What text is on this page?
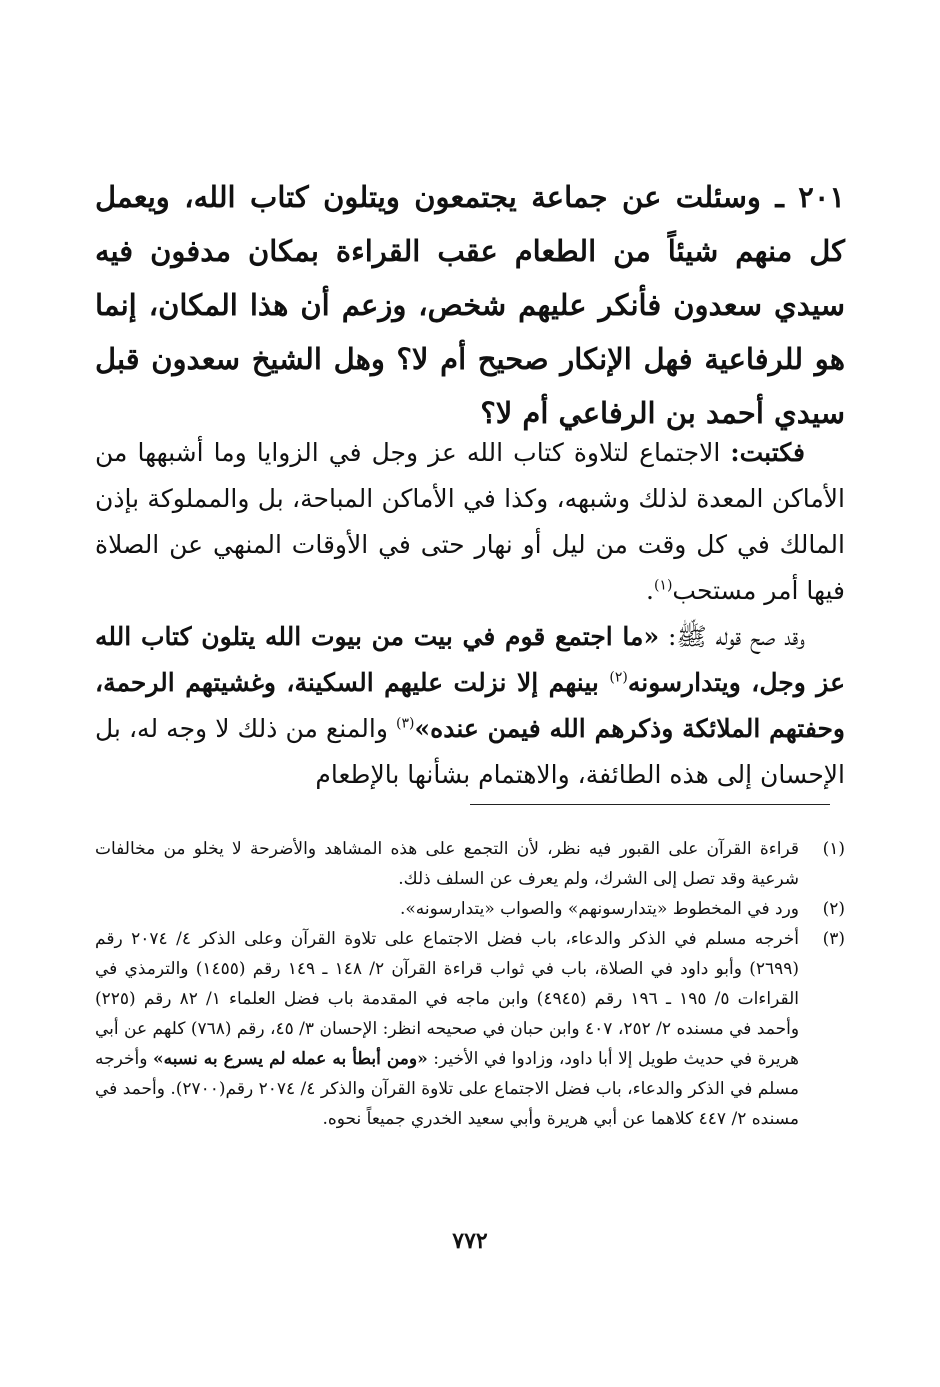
٢٠١ ـ وسئلت عن جماعة يجتمعون ويتلون كتاب الله، ويعمل كل منهم شيئاً من الطعام عقب القراءة بمكان مدفون فيه سيدي سعدون فأنكر عليهم شخص، وزعم أن هذا المكان، إنما هو للرفاعية فهل الإنكار صحيح أم لا؟ وهل الشيخ سعدون قبل سيدي أحمد بن الرفاعي أم لا؟

فكتبت: الاجتماع لتلاوة كتاب الله عز وجل في الزوايا وما أشبهها من الأماكن المعدة لذلك وشبهه، وكذا في الأماكن المباحة، بل والمملوكة بإذن المالك في كل وقت من ليل أو نهار حتى في الأوقات المنهي عن الصلاة فيها أمر مستحب$^{(١)}$.

وقد صح قوله ﷺ: «ما اجتمع قوم في بيت من بيوت الله يتلون كتاب الله عز وجل، ويتدارسونه$^{(٢)}$ بينهم إلا نزلت عليهم السكينة، وغشيتهم الرحمة، وحفتهم الملائكة وذكرهم الله فيمن عنده»$^{(٣)}$ والمنع من ذلك لا وجه له، بل الإحسان إلى هذه الطائفة، والاهتمام بشأنها بالإطعام

(١)
قراءة القرآن على القبور فيه نظر، لأن التجمع على هذه المشاهد والأضرحة لا يخلو من مخالفات شرعية وقد تصل إلى الشرك، ولم يعرف عن السلف ذلك.
(٢)
ورد في المخطوط «يتدارسونهم» والصواب «يتدارسونه».
(٣)
أخرجه مسلم في الذكر والدعاء، باب فضل الاجتماع على تلاوة القرآن وعلى الذكر ٤/ ٢٠٧٤ رقم (٢٦٩٩) وأبو داود في الصلاة، باب في ثواب قراءة القرآن ٢/ ١٤٨ ـ ١٤٩ رقم (١٤٥٥) والترمذي في القراءات ٥/ ١٩٥ ـ ١٩٦ رقم (٤٩٤٥) وابن ماجه في المقدمة باب فضل العلماء ١/ ٨٢ رقم (٢٢٥) وأحمد في مسنده ٢/ ٢٥٢، ٤٠٧ وابن حبان في صحيحه انظر: الإحسان ٣/ ٤٥، رقم (٧٦٨) كلهم عن أبي هريرة في حديث طويل إلا أبا داود، وزادوا في الأخير: «ومن أبطأ به عمله لم يسرع به نسبه» وأخرجه مسلم في الذكر والدعاء، باب فضل الاجتماع على تلاوة القرآن والذكر ٤/ ٢٠٧٤ رقم(٢٧٠٠). وأحمد في مسنده ٢/ ٤٤٧ كلاهما عن أبي هريرة وأبي سعيد الخدري جميعاً نحوه.
٧٧٢
